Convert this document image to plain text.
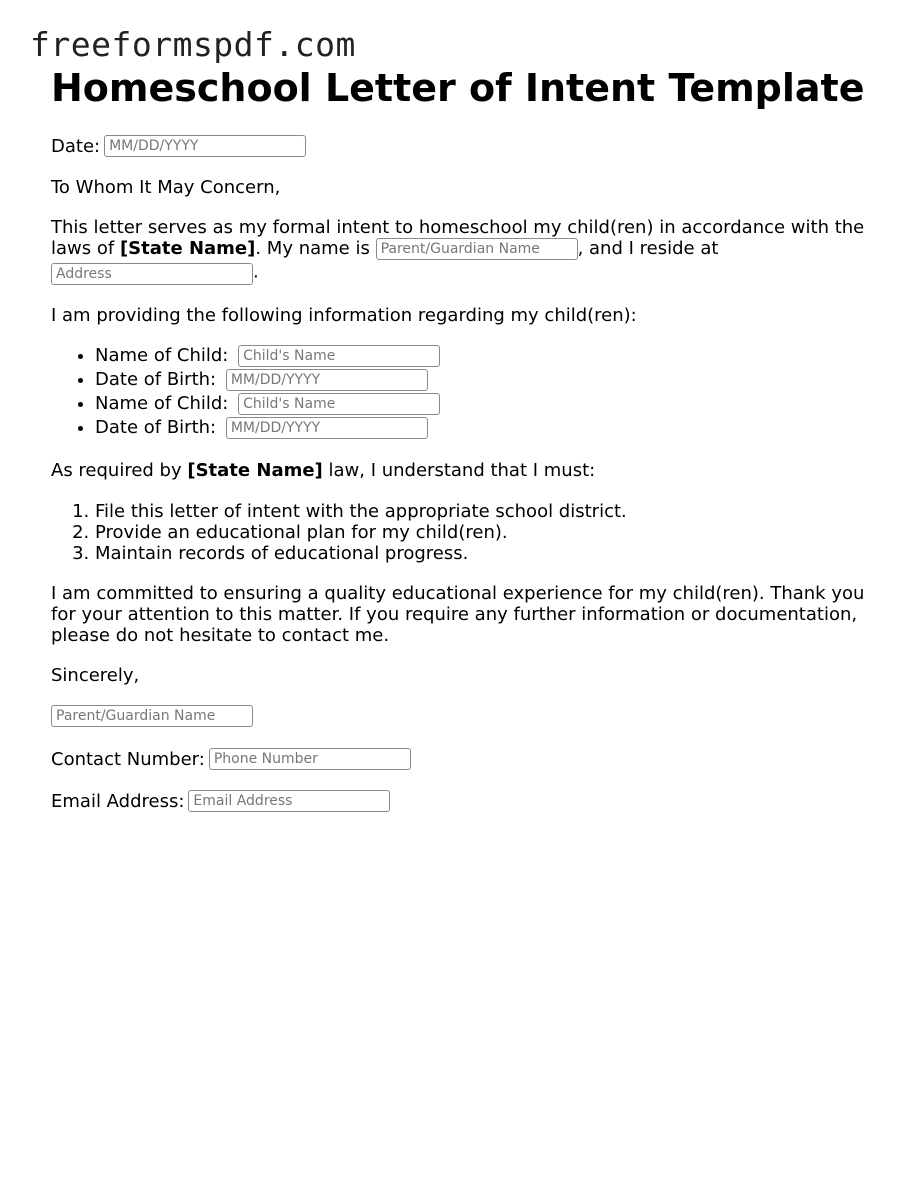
freeformspdf.com
Homeschool Letter of Intent Template
Date:
MM/DD/YYYY

To Whom It May Concern,

This letter serves as my formal intent to homeschool my child(ren) in accordance with the laws of [State Name]. My name is Parent/Guardian Name	, and I reside at
Address.

I am providing the following information regarding my child(ren):

• Name of Child: Child's Name
• Date of Birth: MM/DD/YYYY
• Name of Child: Child's Name
• Date of Birth: MM/DD/YYYY

As required by [State Name] law, I understand that I must:

1. File this letter of intent with the appropriate school district.
2. Provide an educational plan for my child(ren).
3. Maintain records of educational progress.

I am committed to ensuring a quality educational experience for my child(ren). Thank you for your attention to this matter. If you require any further information or documentation, please do not hesitate to contact me.

Sincerely,

Parent/Guardian Name
Contact Number:
Phone Number
Email Address:
Email Address
